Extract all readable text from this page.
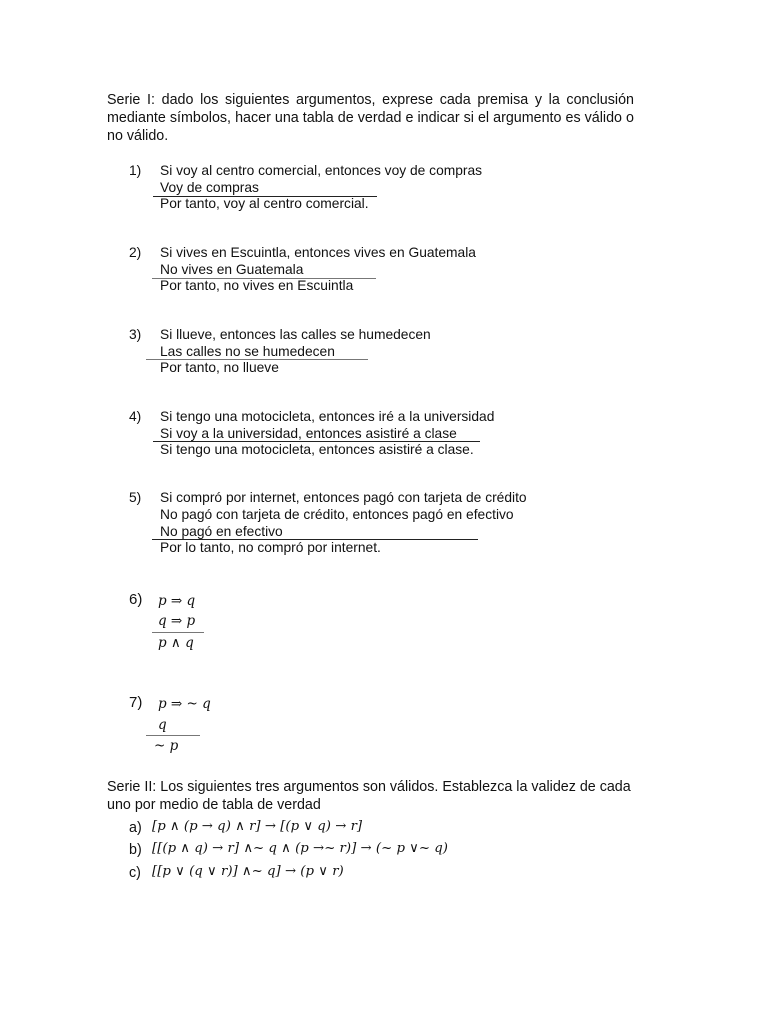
Serie I: dado los siguientes argumentos, exprese cada premisa y la conclusión mediante símbolos, hacer una tabla de verdad e indicar si el argumento es válido o no válido.
1) Si voy al centro comercial, entonces voy de compras
Voy de compras
Por tanto, voy al centro comercial.
2) Si vives en Escuintla, entonces vives en Guatemala
No vives en Guatemala
Por tanto, no vives en Escuintla
3) Si llueve, entonces las calles se humedecen
Las calles no se humedecen
Por tanto, no llueve
4) Si tengo una motocicleta, entonces iré a la universidad
Si voy a la universidad, entonces asistiré a clase
Si tengo una motocicleta, entonces asistiré a clase.
5) Si compró por internet, entonces pagó con tarjeta de crédito
No pagó con tarjeta de crédito, entonces pagó en efectivo
No pagó en efectivo
Por lo tanto, no compró por internet.
6) p ⇒ q
q ⇒ p
p ∧ q
7) p ⇒ ~ q
q
~ p
Serie II: Los siguientes tres argumentos son válidos. Establezca la validez de cada uno por medio de tabla de verdad
a) [p ∧ (p → q) ∧ r] → [(p ∨ q) → r]
b) [[(p ∧ q) → r] ∧~ q ∧ (p →~ r)] → (~ p ∨~ q)
c) [[p ∨ (q ∨ r)] ∧~ q] → (p ∨ r)
